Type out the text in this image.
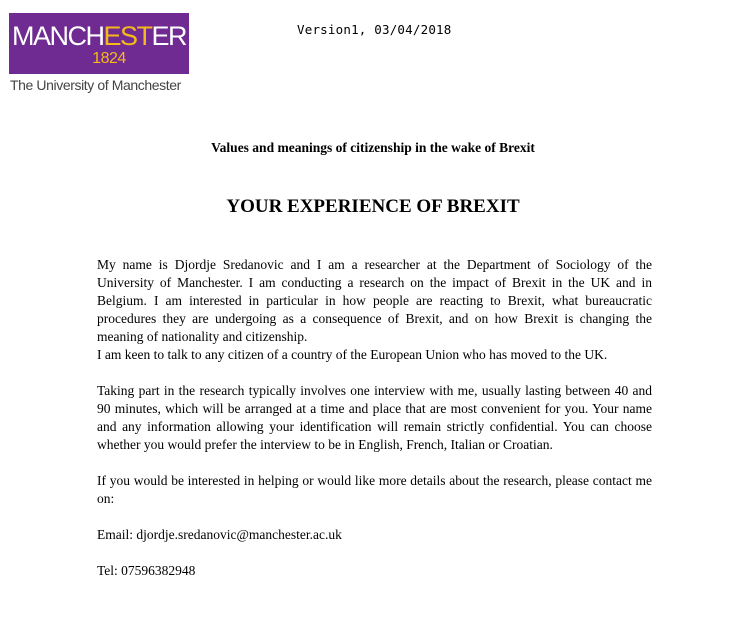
MANCHESTER
1824
The University of Manchester
Version1, 03/04/2018
Values and meanings of citizenship in the wake of Brexit
YOUR EXPERIENCE OF BREXIT

My name is Djordje Sredanovic and I am a researcher at the Department of Sociology of the University of Manchester. I am conducting a research on the impact of Brexit in the UK and in Belgium. I am interested in particular in how people are reacting to Brexit, what bureaucratic procedures they are undergoing as a consequence of Brexit, and on how Brexit is changing the meaning of nationality and citizenship.

I am keen to talk to any citizen of a country of the European Union who has moved to the UK.

Taking part in the research typically involves one interview with me, usually lasting between 40 and 90 minutes, which will be arranged at a time and place that are most convenient for you. Your name and any information allowing your identification will remain strictly confidential. You can choose whether you would prefer the interview to be in English, French, Italian or Croatian.

If you would be interested in helping or would like more details about the research, please contact me on:

Email: djordje.sredanovic@manchester.ac.uk

Tel: 07596382948
